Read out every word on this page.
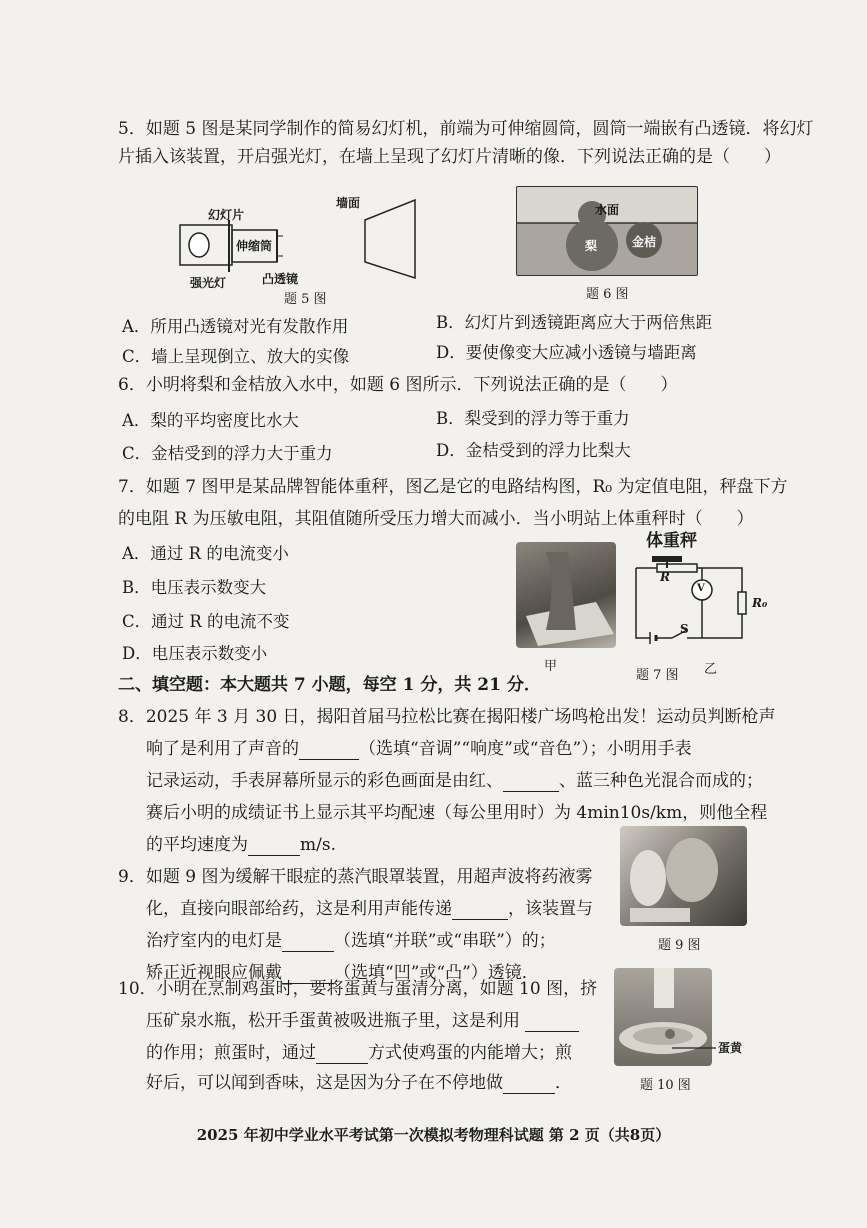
5．如题 5 图是某同学制作的简易幻灯机，前端为可伸缩圆筒，圆筒一端嵌有凸透镜．将幻灯
片插入该装置，开启强光灯，在墙上呈现了幻灯片清晰的像．下列说法正确的是（　　）
幻灯片
伸缩筒
强光灯	凸透镜
墙面
题 5 图
水面
梨	金桔
题 6 图
A．所用凸透镜对光有发散作用	B．幻灯片到透镜距离应大于两倍焦距
C．墙上呈现倒立、放大的实像	D．要使像变大应减小透镜与墙距离
6．小明将梨和金桔放入水中，如题 6 图所示．下列说法正确的是（　　）
A．梨的平均密度比水大	B．梨受到的浮力等于重力
C．金桔受到的浮力大于重力	D．金桔受到的浮力比梨大
7．如题 7 图甲是某品牌智能体重秤，图乙是它的电路结构图，R₀ 为定值电阻，秤盘下方
的电阻 R 为压敏电阻，其阻值随所受压力增大而减小．当小明站上体重秤时（　　）
A．通过 R 的电流变小
B．电压表示数变大
C．通过 R 的电流不变
D．电压表示数变小
甲
体重秤
R
V
R₀
S
乙
题 7 图
二、填空题：本大题共 7 小题，每空 1 分，共 21 分．
8．2025 年 3 月 30 日，揭阳首届马拉松比赛在揭阳楼广场鸣枪出发！运动员判断枪声
响了是利用了声音的	（选填“音调”“响度”或“音色”）；小明用手表
记录运动，手表屏幕所显示的彩色画面是由红、	、蓝三种色光混合而成的；
赛后小明的成绩证书上显示其平均配速（每公里用时）为 4min10s/km，则他全程
的平均速度为	m/s.
9．如题 9 图为缓解干眼症的蒸汽眼罩装置，用超声波将药液雾
化，直接向眼部给药，这是利用声能传递	，该装置与
治疗室内的电灯是	（选填“并联”或“串联”）的；
矫正近视眼应佩戴	（选填“凹”或“凸”）透镜．
题 9 图
10．小明在烹制鸡蛋时，要将蛋黄与蛋清分离，如题 10 图，挤
压矿泉水瓶，松开手蛋黄被吸进瓶子里，这是利用
的作用；煎蛋时，通过	方式使鸡蛋的内能增大；煎
好后，可以闻到香味，这是因为分子在不停地做	．
蛋黄
题 10 图
2025 年初中学业水平考试第一次模拟考物理科试题 第 2 页（共8页）
